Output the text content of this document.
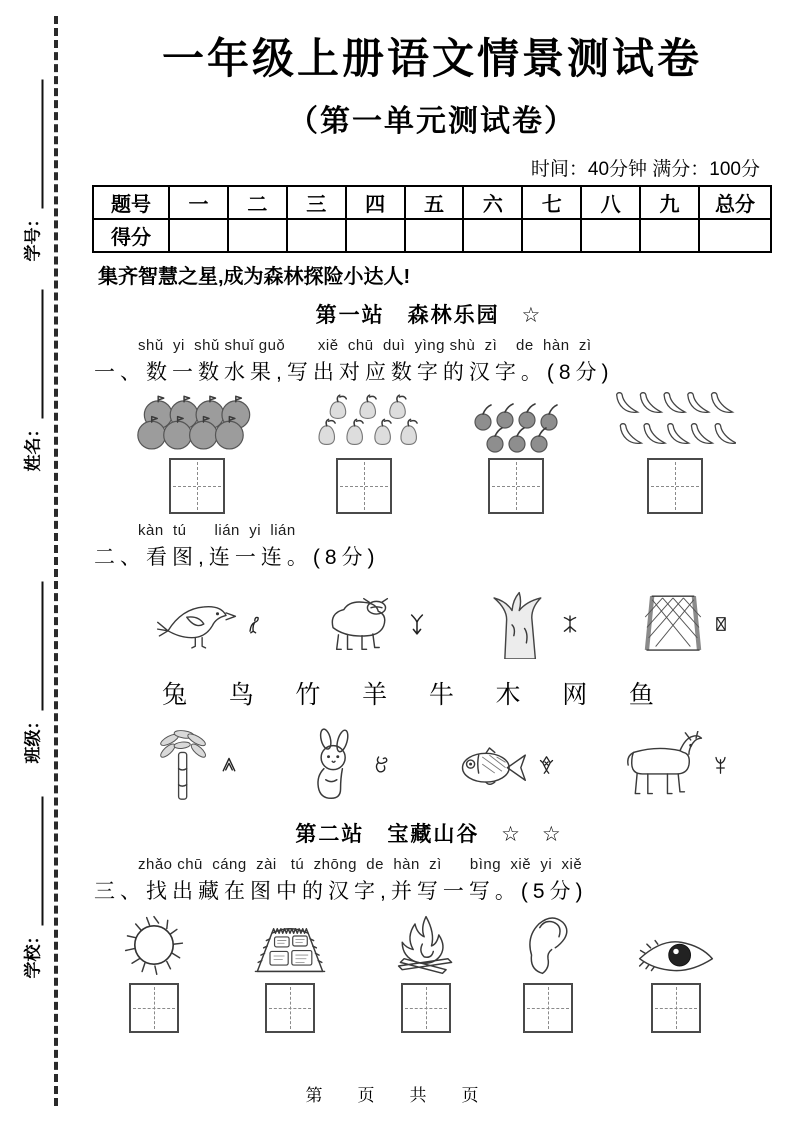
学号：
姓名：
班级：
学校：
一年级上册语文情景测试卷
（第一单元测试卷）
时间：40分钟 满分：100分
题号	一	二	三	四	五	六	七	八	九	总分
得分										
集齐智慧之星,成为森林探险小达人!
第一站　森林乐园 ☆
shǔ  yi  shǔ shuǐ guǒ       xiě  chū  duì  yìng shù  zì    de  hàn  zì
一、数一数水果,写出对应数字的汉字。(8分)
kàn  tú      lián  yi  lián
二、看图,连一连。(8分)
兔 鸟 竹 羊 牛 木 网 鱼
第二站　宝藏山谷 ☆ ☆
zhǎo chū  cáng  zài   tú  zhōng  de  hàn  zì      bìng  xiě  yi  xiě
三、找出藏在图中的汉字,并写一写。(5分)
第　页　共　页
